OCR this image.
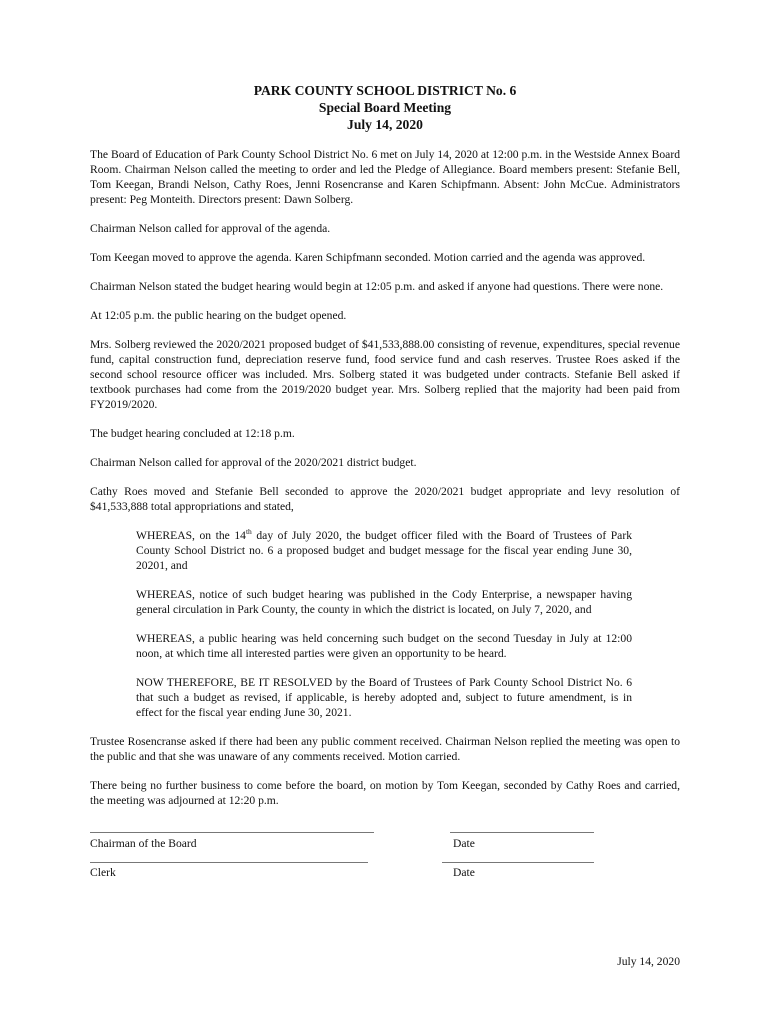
PARK COUNTY SCHOOL DISTRICT No. 6
Special Board Meeting
July 14, 2020

The Board of Education of Park County School District No. 6 met on July 14, 2020 at 12:00 p.m. in the Westside Annex Board Room. Chairman Nelson called the meeting to order and led the Pledge of Allegiance. Board members present: Stefanie Bell, Tom Keegan, Brandi Nelson, Cathy Roes, Jenni Rosencranse and Karen Schipfmann. Absent: John McCue. Administrators present: Peg Monteith. Directors present: Dawn Solberg.

Chairman Nelson called for approval of the agenda.

Tom Keegan moved to approve the agenda. Karen Schipfmann seconded. Motion carried and the agenda was approved.

Chairman Nelson stated the budget hearing would begin at 12:05 p.m. and asked if anyone had questions. There were none.

At 12:05 p.m. the public hearing on the budget opened.

Mrs. Solberg reviewed the 2020/2021 proposed budget of $41,533,888.00 consisting of revenue, expenditures, special revenue fund, capital construction fund, depreciation reserve fund, food service fund and cash reserves. Trustee Roes asked if the second school resource officer was included. Mrs. Solberg stated it was budgeted under contracts. Stefanie Bell asked if textbook purchases had come from the 2019/2020 budget year. Mrs. Solberg replied that the majority had been paid from FY2019/2020.

The budget hearing concluded at 12:18 p.m.

Chairman Nelson called for approval of the 2020/2021 district budget.

Cathy Roes moved and Stefanie Bell seconded to approve the 2020/2021 budget appropriate and levy resolution of $41,533,888 total appropriations and stated,

WHEREAS, on the 14th day of July 2020, the budget officer filed with the Board of Trustees of Park County School District no. 6 a proposed budget and budget message for the fiscal year ending June 30, 20201, and

WHEREAS, notice of such budget hearing was published in the Cody Enterprise, a newspaper having general circulation in Park County, the county in which the district is located, on July 7, 2020, and

WHEREAS, a public hearing was held concerning such budget on the second Tuesday in July at 12:00 noon, at which time all interested parties were given an opportunity to be heard.

NOW THEREFORE, BE IT RESOLVED by the Board of Trustees of Park County School District No. 6 that such a budget as revised, if applicable, is hereby adopted and, subject to future amendment, is in effect for the fiscal year ending June 30, 2021.

Trustee Rosencranse asked if there had been any public comment received. Chairman Nelson replied the meeting was open to the public and that she was unaware of any comments received. Motion carried.

There being no further business to come before the board, on motion by Tom Keegan, seconded by Cathy Roes and carried, the meeting was adjourned at 12:20 p.m.

Chairman of the Board	Date
Clerk	Date
July 14, 2020
